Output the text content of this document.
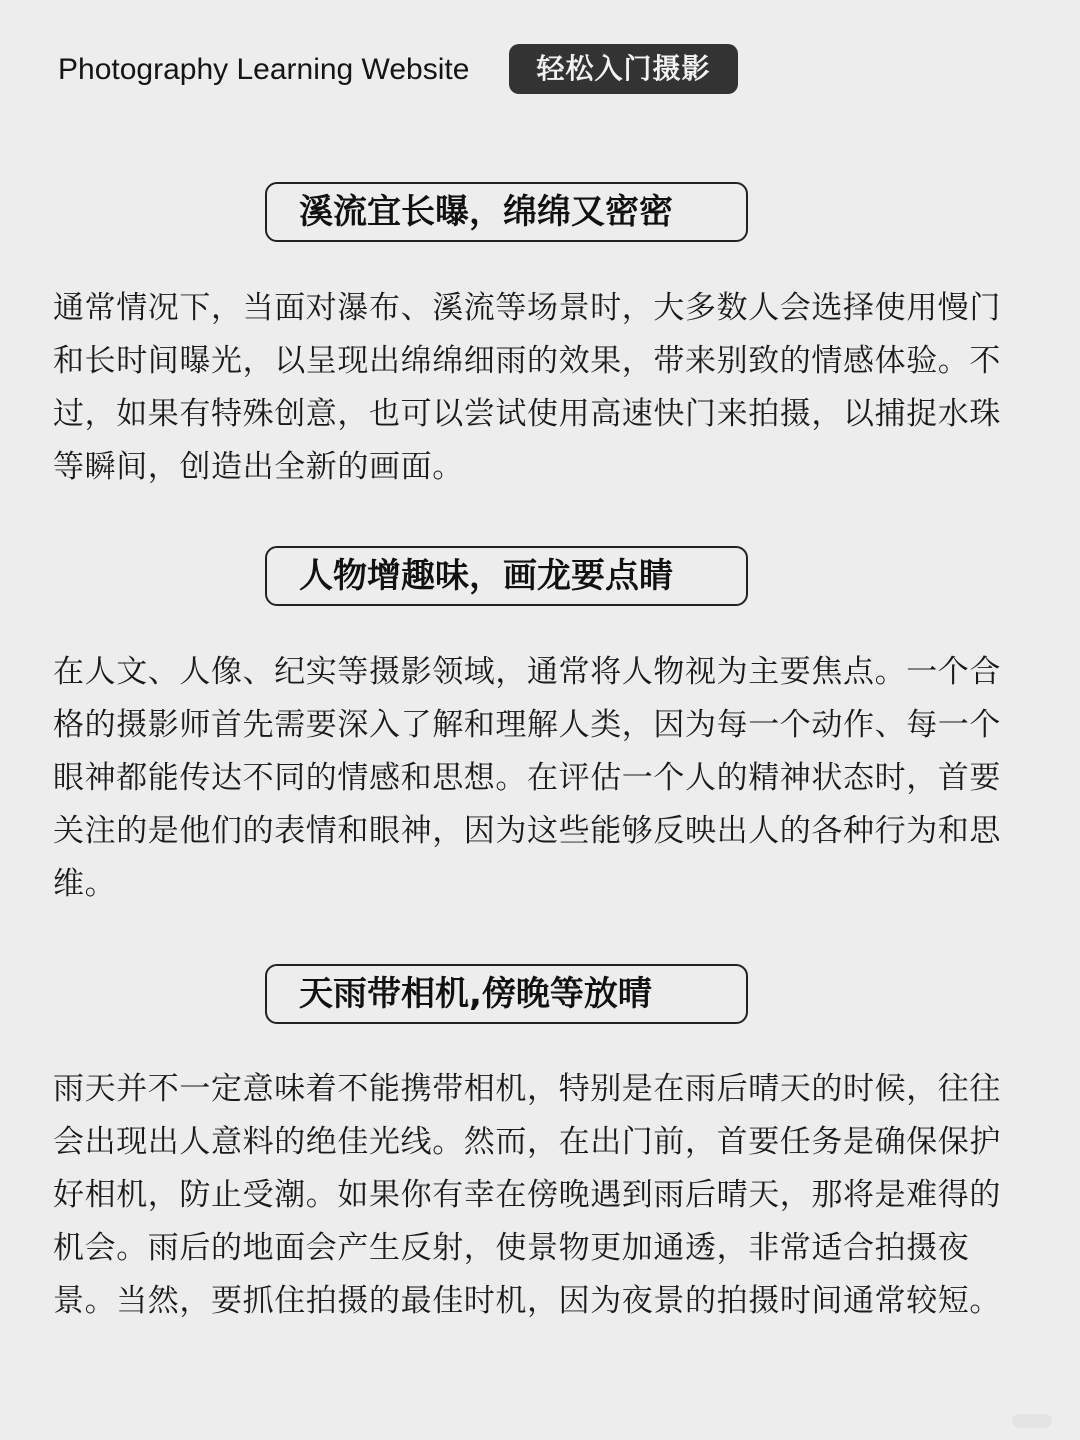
Photography Learning Website	轻松入门摄影
溪流宜长曝，绵绵又密密

通常情况下，当面对瀑布、溪流等场景时，大多数人会选择使用慢门和长时间曝光，以呈现出绵绵细雨的效果，带来别致的情感体验。不过，如果有特殊创意，也可以尝试使用高速快门来拍摄，以捕捉水珠等瞬间，创造出全新的画面。

人物增趣味，画龙要点睛

在人文、人像、纪实等摄影领域，通常将人物视为主要焦点。一个合格的摄影师首先需要深入了解和理解人类，因为每一个动作、每一个眼神都能传达不同的情感和思想。在评估一个人的精神状态时，首要关注的是他们的表情和眼神，因为这些能够反映出人的各种行为和思维。

天雨带相机,傍晚等放晴

雨天并不一定意味着不能携带相机，特别是在雨后晴天的时候，往往会出现出人意料的绝佳光线。然而，在出门前，首要任务是确保保护好相机，防止受潮。如果你有幸在傍晚遇到雨后晴天，那将是难得的机会。雨后的地面会产生反射，使景物更加通透，非常适合拍摄夜景。当然，要抓住拍摄的最佳时机，因为夜景的拍摄时间通常较短。
